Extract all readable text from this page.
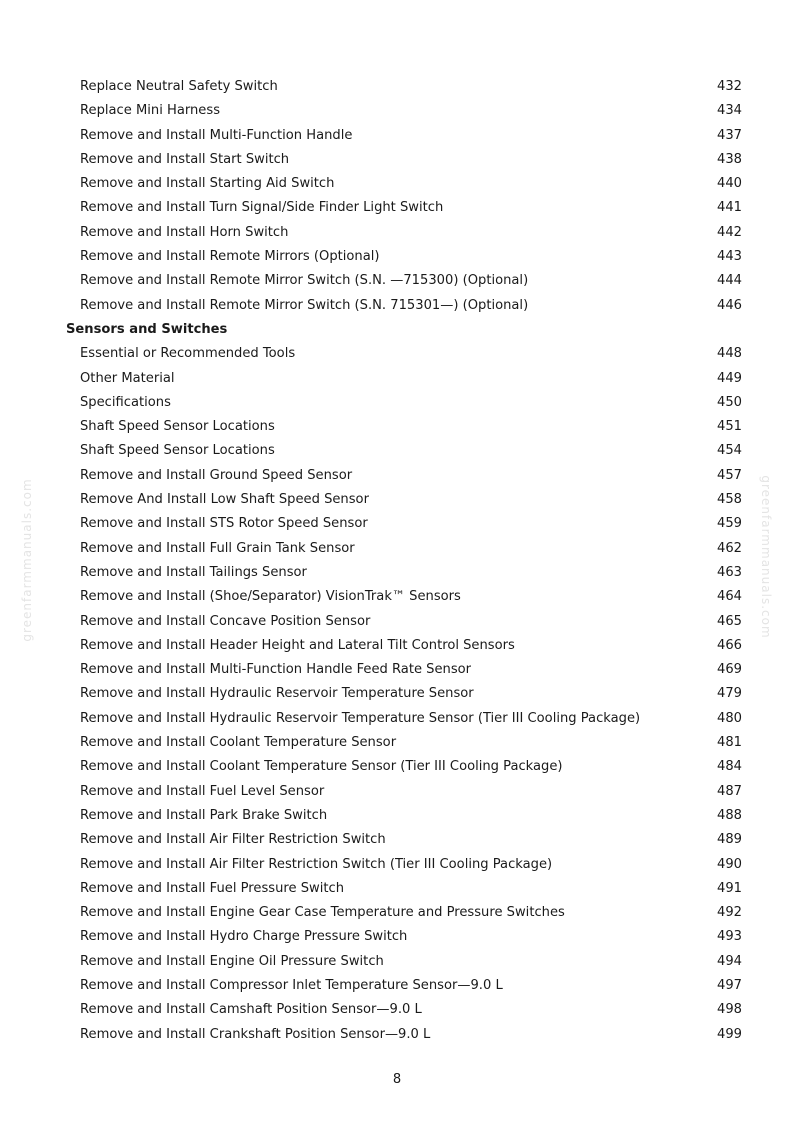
greenfarmmanuals.com	greenfarmmanuals.com
Replace Neutral Safety Switch	432
Replace Mini Harness	434
Remove and Install Multi-Function Handle	437
Remove and Install Start Switch	438
Remove and Install Starting Aid Switch	440
Remove and Install Turn Signal/Side Finder Light Switch	441
Remove and Install Horn Switch	442
Remove and Install Remote Mirrors (Optional)	443
Remove and Install Remote Mirror Switch (S.N. —715300) (Optional)	444
Remove and Install Remote Mirror Switch (S.N. 715301—) (Optional)	446
Sensors and Switches
Essential or Recommended Tools	448
Other Material	449
Specifications	450
Shaft Speed Sensor Locations	451
Shaft Speed Sensor Locations	454
Remove and Install Ground Speed Sensor	457
Remove And Install Low Shaft Speed Sensor	458
Remove and Install STS Rotor Speed Sensor	459
Remove and Install Full Grain Tank Sensor	462
Remove and Install Tailings Sensor	463
Remove and Install (Shoe/Separator) VisionTrak™ Sensors	464
Remove and Install Concave Position Sensor	465
Remove and Install Header Height and Lateral Tilt Control Sensors	466
Remove and Install Multi-Function Handle Feed Rate Sensor	469
Remove and Install Hydraulic Reservoir Temperature Sensor	479
Remove and Install Hydraulic Reservoir Temperature Sensor (Tier III Cooling Package)	480
Remove and Install Coolant Temperature Sensor	481
Remove and Install Coolant Temperature Sensor (Tier III Cooling Package)	484
Remove and Install Fuel Level Sensor	487
Remove and Install Park Brake Switch	488
Remove and Install Air Filter Restriction Switch	489
Remove and Install Air Filter Restriction Switch (Tier III Cooling Package)	490
Remove and Install Fuel Pressure Switch	491
Remove and Install Engine Gear Case Temperature and Pressure Switches	492
Remove and Install Hydro Charge Pressure Switch	493
Remove and Install Engine Oil Pressure Switch	494
Remove and Install Compressor Inlet Temperature Sensor—9.0 L	497
Remove and Install Camshaft Position Sensor—9.0 L	498
Remove and Install Crankshaft Position Sensor—9.0 L	499
8
